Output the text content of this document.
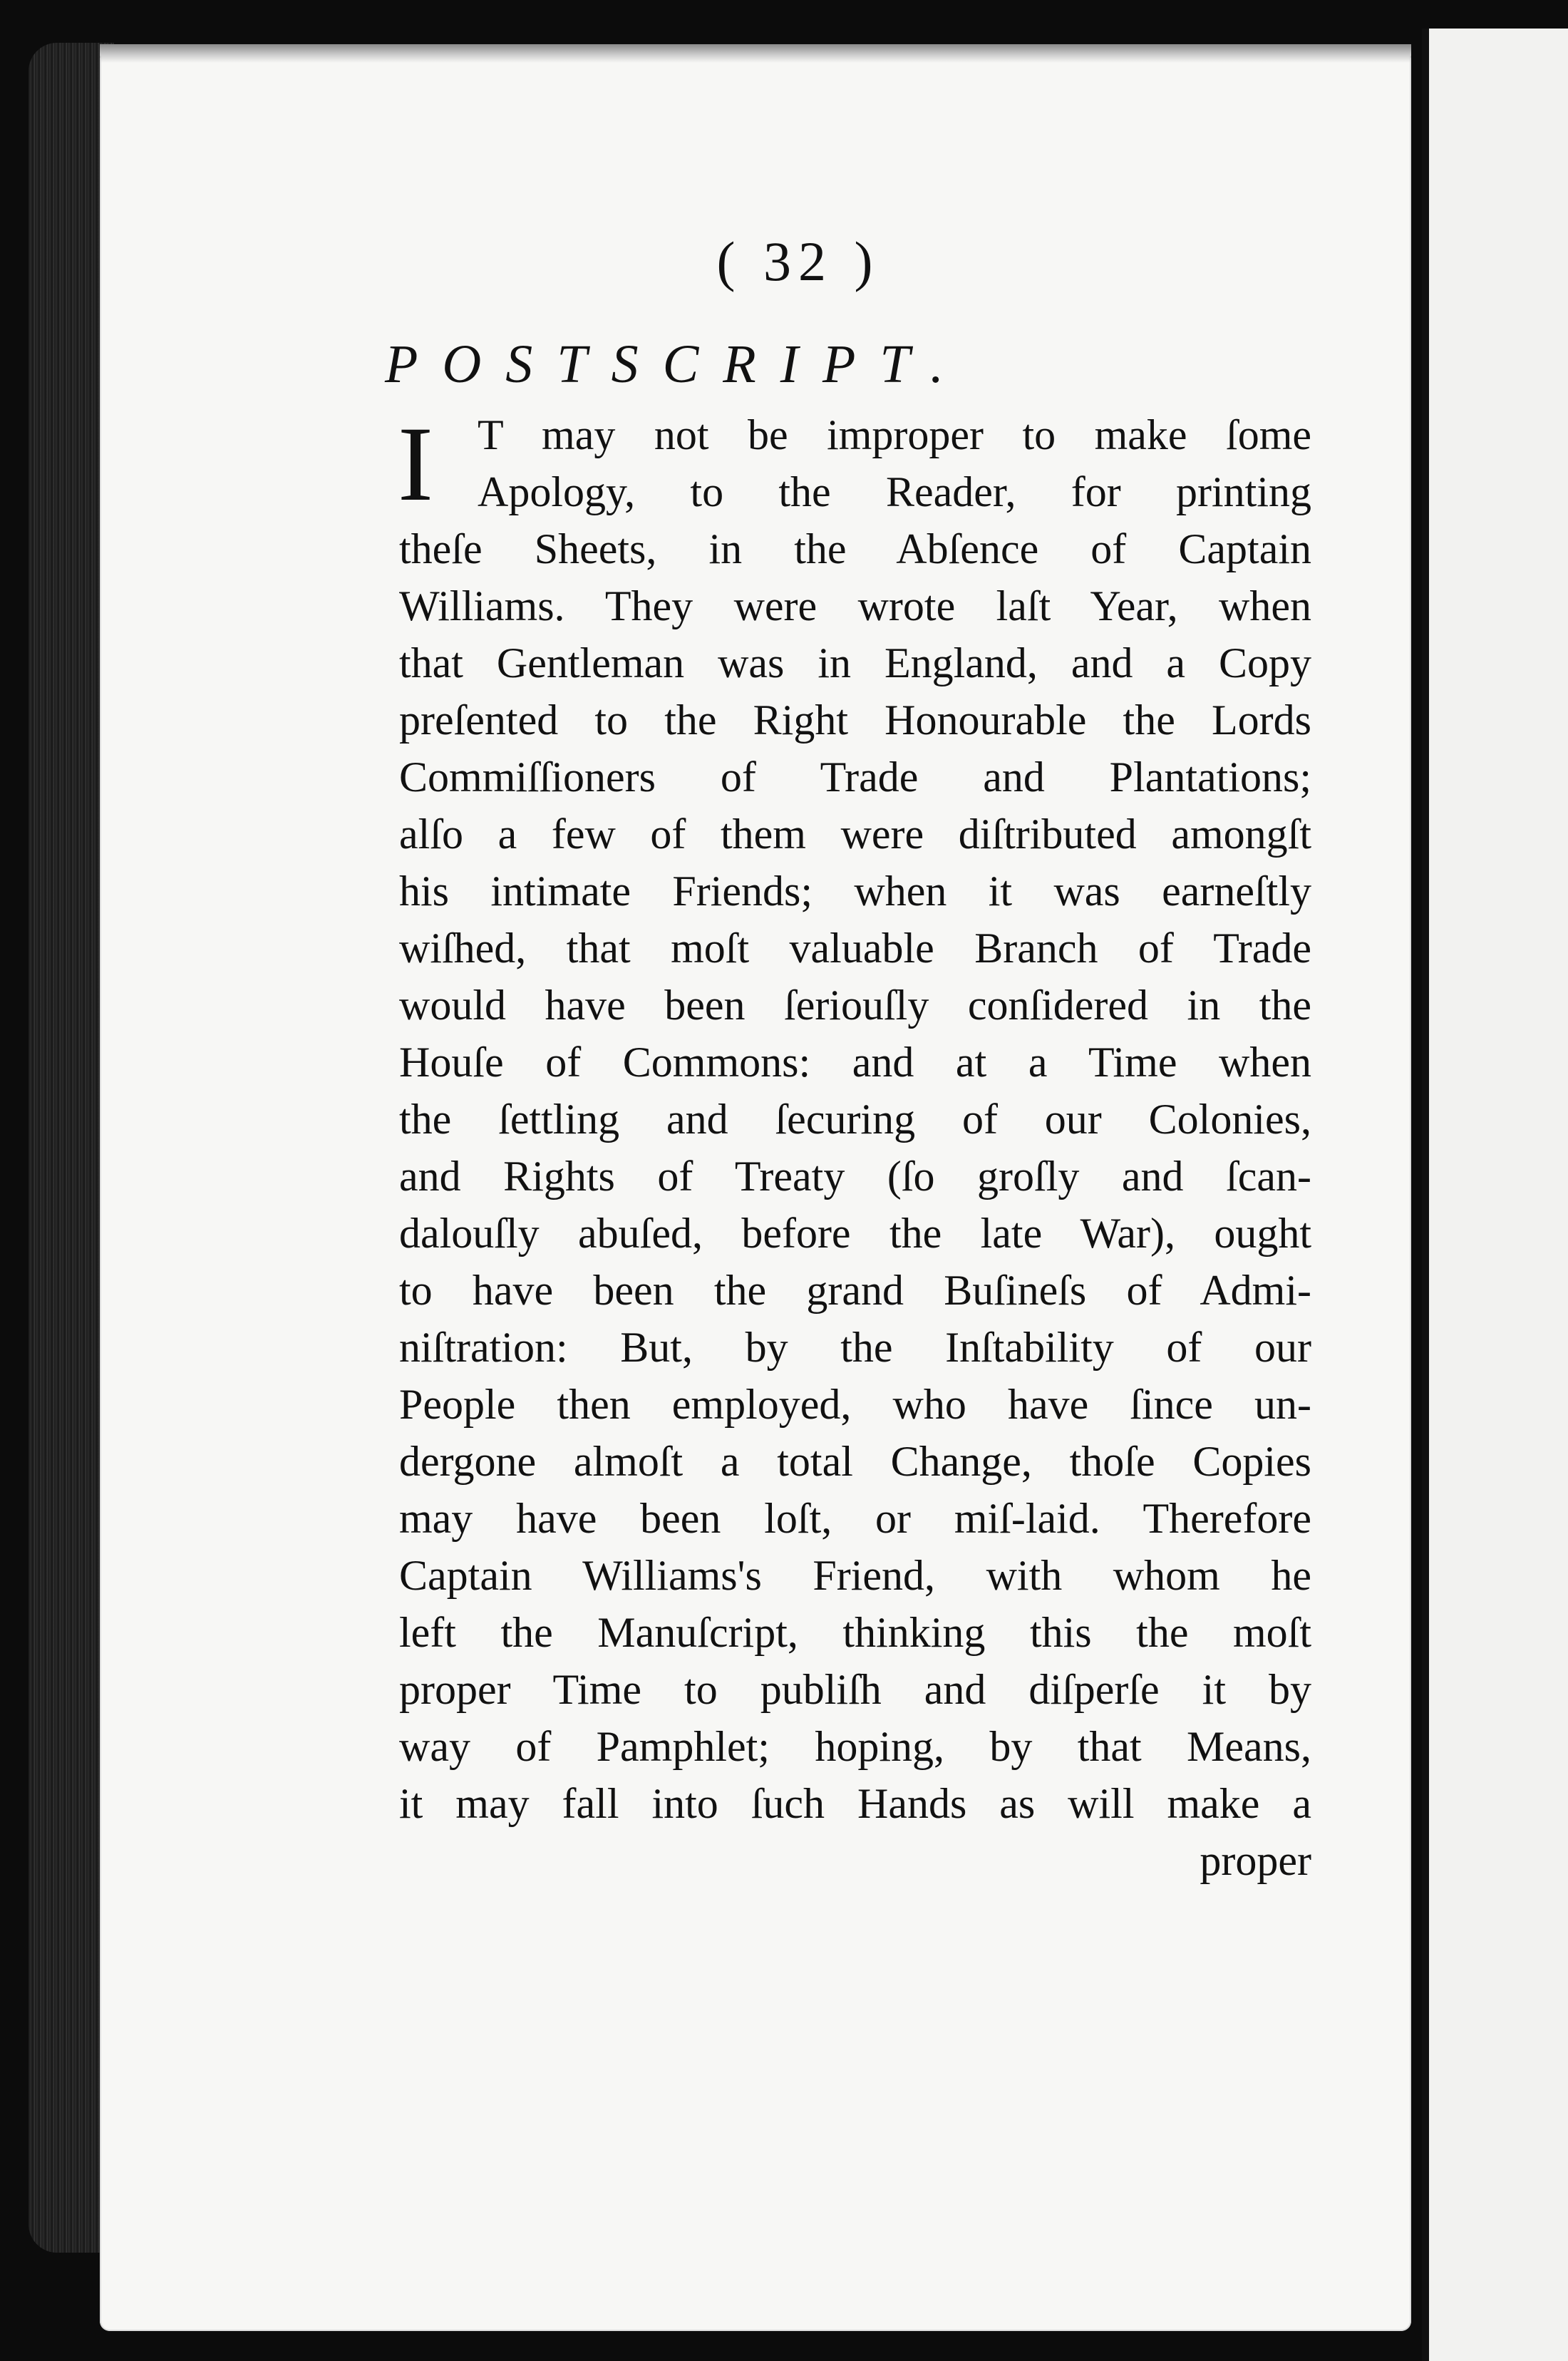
( 32 )
POSTSCRIPT.
I	T may not be improper to make ſome
Apology, to the Reader, for printing
theſe Sheets, in the Abſence of Captain
Williams. They were wrote laſt Year, when
that Gentleman was in England, and a Copy
preſented to the Right Honourable the Lords
Commiſſioners of Trade and Plantations;
alſo a few of them were diſtributed amongſt
his intimate Friends; when it was earneſtly
wiſhed, that moſt valuable Branch of Trade
would have been ſeriouſly conſidered in the
Houſe of Commons: and at a Time when
the ſettling and ſecuring of our Colonies,
and Rights of Treaty (ſo groſly and ſcan-
dalouſly abuſed, before the late War), ought
to have been the grand Buſineſs of Admi-
niſtration: But, by the Inſtability of our
People then employed, who have ſince un-
dergone almoſt a total Change, thoſe Copies
may have been loſt, or miſ-laid. Therefore
Captain Williams's Friend, with whom he
left the Manuſcript, thinking this the moſt
proper Time to publiſh and diſperſe it by
way of Pamphlet; hoping, by that Means,
it may fall into ſuch Hands as will make a
proper
